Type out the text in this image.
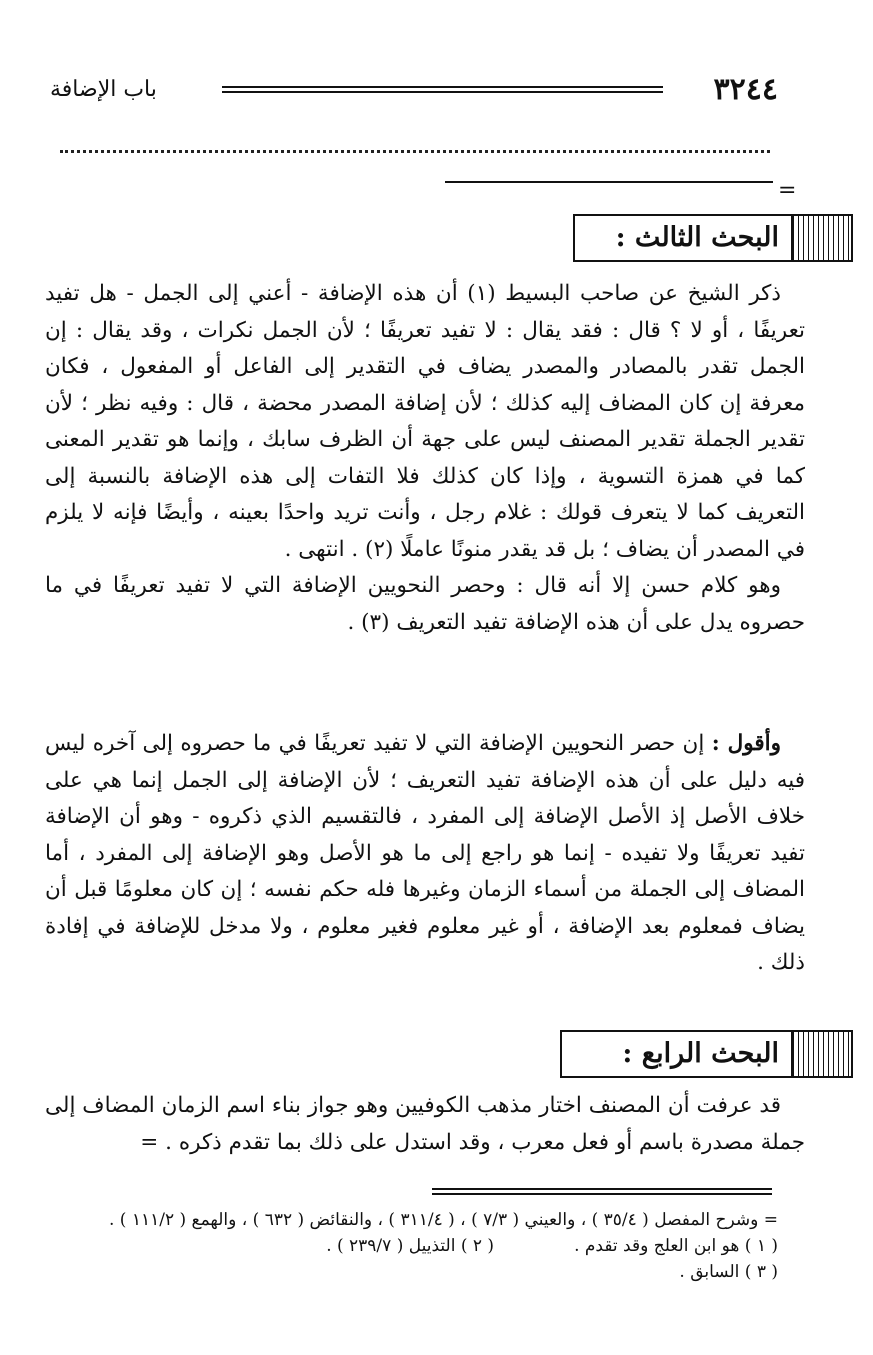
٣٢٤٤
باب الإضافة
=
البحث الثالث :

ذكر الشيخ عن صاحب البسيط (١) أن هذه الإضافة - أعني إلى الجمل - هل تفيد تعريفًا ، أو لا ؟ قال : فقد يقال : لا تفيد تعريفًا ؛ لأن الجمل نكرات ، وقد يقال : إن الجمل تقدر بالمصادر والمصدر يضاف في التقدير إلى الفاعل أو المفعول ، فكان معرفة إن كان المضاف إليه كذلك ؛ لأن إضافة المصدر محضة ، قال : وفيه نظر ؛ لأن تقدير الجملة تقدير المصنف ليس على جهة أن الظرف سابك ، وإنما هو تقدير المعنى كما في همزة التسوية ، وإذا كان كذلك فلا التفات إلى هذه الإضافة بالنسبة إلى التعريف كما لا يتعرف قولك : غلام رجل ، وأنت تريد واحدًا بعينه ، وأيضًا فإنه لا يلزم في المصدر أن يضاف ؛ بل قد يقدر منونًا عاملًا (٢) . انتهى .

وهو كلام حسن إلا أنه قال : وحصر النحويين الإضافة التي لا تفيد تعريفًا في ما حصروه يدل على أن هذه الإضافة تفيد التعريف (٣) .

وأقول : إن حصر النحويين الإضافة التي لا تفيد تعريفًا في ما حصروه إلى آخره ليس فيه دليل على أن هذه الإضافة تفيد التعريف ؛ لأن الإضافة إلى الجمل إنما هي على خلاف الأصل إذ الأصل الإضافة إلى المفرد ، فالتقسيم الذي ذكروه - وهو أن الإضافة تفيد تعريفًا ولا تفيده - إنما هو راجع إلى ما هو الأصل وهو الإضافة إلى المفرد ، أما المضاف إلى الجملة من أسماء الزمان وغيرها فله حكم نفسه ؛ إن كان معلومًا قبل أن يضاف فمعلوم بعد الإضافة ، أو غير معلوم فغير معلوم ، ولا مدخل للإضافة في إفادة ذلك .

البحث الرابع :

قد عرفت أن المصنف اختار مذهب الكوفيين وهو جواز بناء اسم الزمان المضاف إلى جملة مصدرة باسم أو فعل معرب ، وقد استدل على ذلك بما تقدم ذكره . =

= وشرح المفصل ( ٣٥/٤ ) ، والعيني ( ٧/٣ ) ، ( ٣١١/٤ ) ، والنقائض ( ٦٣٢ ) ، والهمع ( ١١١/٢ ) .
( ١ ) هو ابن العلج وقد تقدم .
( ٢ ) التذييل ( ٢٣٩/٧ ) .
( ٣ ) السابق .
